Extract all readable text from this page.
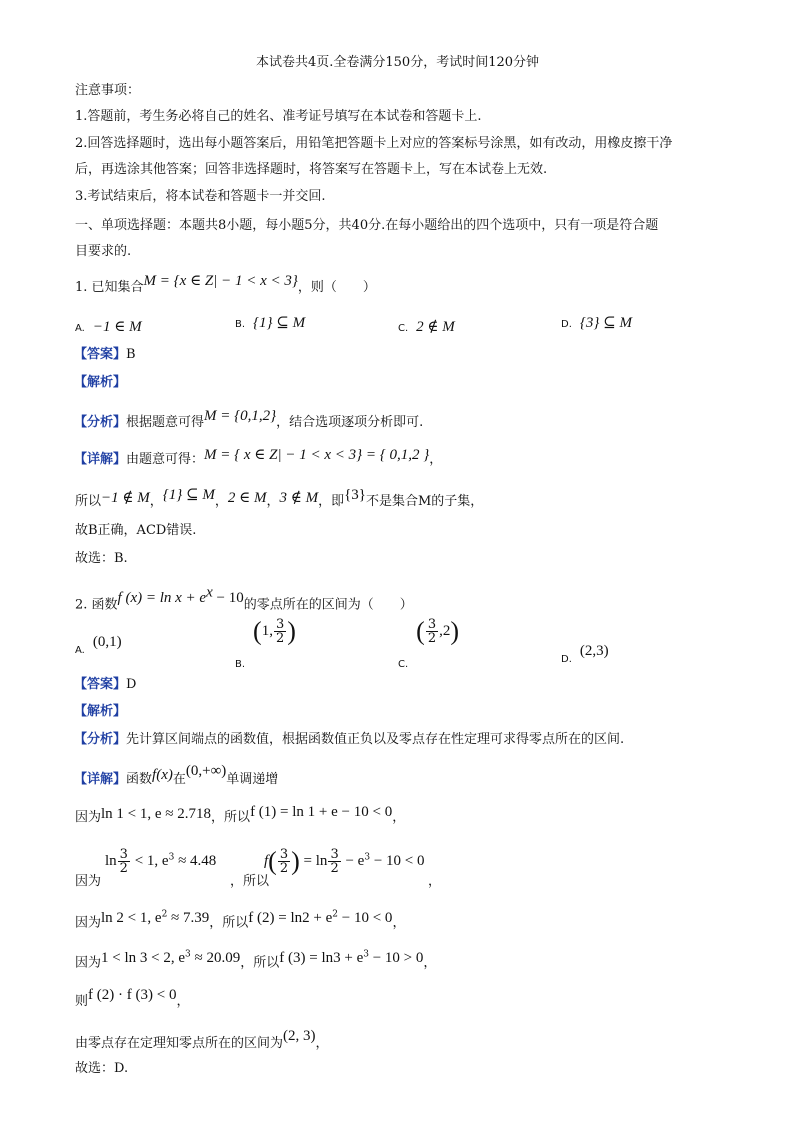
本试卷共4页.全卷满分150分，考试时间120分钟
注意事项：
1.答题前，考生务必将自己的姓名、准考证号填写在本试卷和答题卡上.
2.回答选择题时，选出每小题答案后，用铅笔把答题卡上对应的答案标号涂黑，如有改动，用橡皮擦干净
后，再选涂其他答案；回答非选择题时，将答案写在答题卡上，写在本试卷上无效.
3.考试结束后，将本试卷和答题卡一并交回.
一、单项选择题：本题共8小题，每小题5分，共40分.在每小题给出的四个选项中，只有一项是符合题
目要求的.
1. 已知集合M = {x ∈ Z| − 1 < x < 3}，则（　　）
A. −1 ∈ M	B. {1} ⊆ M	C. 2 ∉ M	D. {3} ⊆ M
【答案】B
【解析】
【分析】根据题意可得M = {0,1,2}，结合选项逐项分析即可.
【详解】由题意可得：M = { x ∈ Z| − 1 < x < 3} = { 0,1,2 }，
所以−1 ∉ M，{1} ⊆ M，2 ∈ M，3 ∉ M，即{3}不是集合M的子集，
故B正确，ACD错误.
故选：B.
2. 函数f $(x) = \ln x + e^x - 10$的零点所在的区间为（　　）
A.(0,1)
$_{B.}$(1, $\frac{3}{2}$ )
$_{C.}( \frac{3}{2} ,2)$
D.(2,3)
【答案】D
【解析】
【分析】先计算区间端点的函数值，根据函数值正负以及零点存在性定理可求得零点所在的区间.
【详解】函数f(x)在(0,+∞)单调递增
因为ln 1 < 1, e ≈ 2.718，所以f (1) = ln 1 + e − 10 < 0，
因为
$\ln \frac{3}{2} < 1$, $e^3 \approx 4.48$
，所以
$f( \frac{3}{2}$ ) = $\ln \frac{3}{2} - e^3 - 10 < 0$
，
因为ln 2 < 1, $e^2 \approx 7.39$，所以f $(2) = \ln 2 + e^2 - 10 < 0$，
因为1 < ln 3 < 2, $e^3 \approx 20.09$，所以f $(3) = \ln 3 + e^3 - 10 > 0$，
则f (2) · f (3) < 0，
由零点存在定理知零点所在的区间为(2, 3)，
故选：D.
